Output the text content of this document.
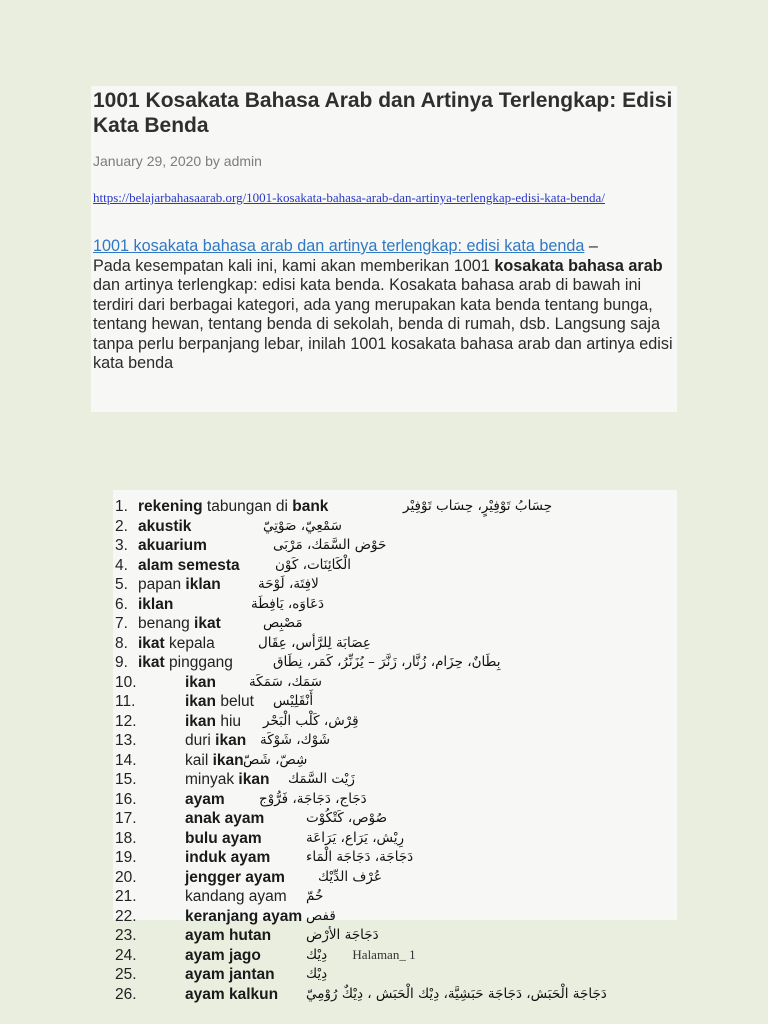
1001 Kosakata Bahasa Arab dan Artinya Terlengkap: Edisi Kata Benda
January 29, 2020 by admin
https://belajarbahasaarab.org/1001-kosakata-bahasa-arab-dan-artinya-terlengkap-edisi-kata-benda/
1001 kosakata bahasa arab dan artinya terlengkap: edisi kata benda –
Pada kesempatan kali ini, kami akan memberikan 1001 kosakata bahasa arab dan artinya terlengkap: edisi kata benda. Kosakata bahasa arab di bawah ini terdiri dari berbagai kategori, ada yang merupakan kata benda tentang bunga, tentang hewan, tentang benda di sekolah, benda di rumah, dsb. Langsung saja tanpa perlu berpanjang lebar, inilah 1001 kosakata bahasa arab dan artinya edisi kata benda
1. rekening tabungan di bank	حِسَابُ تَوْفِيْرٍ، حِسَاب تَوْفِيْر
2. akustik	سَمْعِيّ، صَوْتِيّ
3. akuarium	حَوْض السَّمَك، مَرْبَى
4. alam semesta	الْكَائِنَات، كَوْن
5. papan iklan	لافِتَة، لَوْحَة
6. iklan	دَعَاوَه، يَافِطَة
7. benang ikat	مَصْبِص
8. ikat kepala	عِصَابَة لِلرَّأس، عِقَال
9. ikat pinggang	بِطَانٌ، حِزَام، زُنَّار، زَنَّرَ – يُزَنِّرُ، كَمَر، نِطَاق
10.	ikan سَمَك، سَمَكَة
11.	ikan belut أَنْقَلِيْس
12.	ikan hiu قِرْش، كَلْب الْبَحْر
13.	duri ikan شَوْك، شَوْكَة
14.	kail ikan شِصّ، شَصّ
15.	minyak ikan زَيْت السَّمَك
16.	ayam	دَجَاج، دَجَاجَة، فَرُّوْج
17.	anak ayam	صُوْص، كَتْكُوْت
18.	bulu ayam	رِيْش، يَرَاع، يَرَاعَة
19.	induk ayam	دَجَاجَة، دَجَاجَة الْمَاء
20.	jengger ayam عُرْف الدِّيْك
21.	kandang ayam خُمّ
22.	keranjang ayam قفص
23.	ayam hutan	دَجَاجَة الأرْض
24.	ayam jago	دِيْك
25.	ayam jantan دِيْك
26.	ayam kalkun دَجَاجَة الْحَبَش، دَجَاجَة حَبَشِيَّة، دِيْك الْحَبَش ، دِيْكٌ رُوْمِيّ
Halaman_ 1
